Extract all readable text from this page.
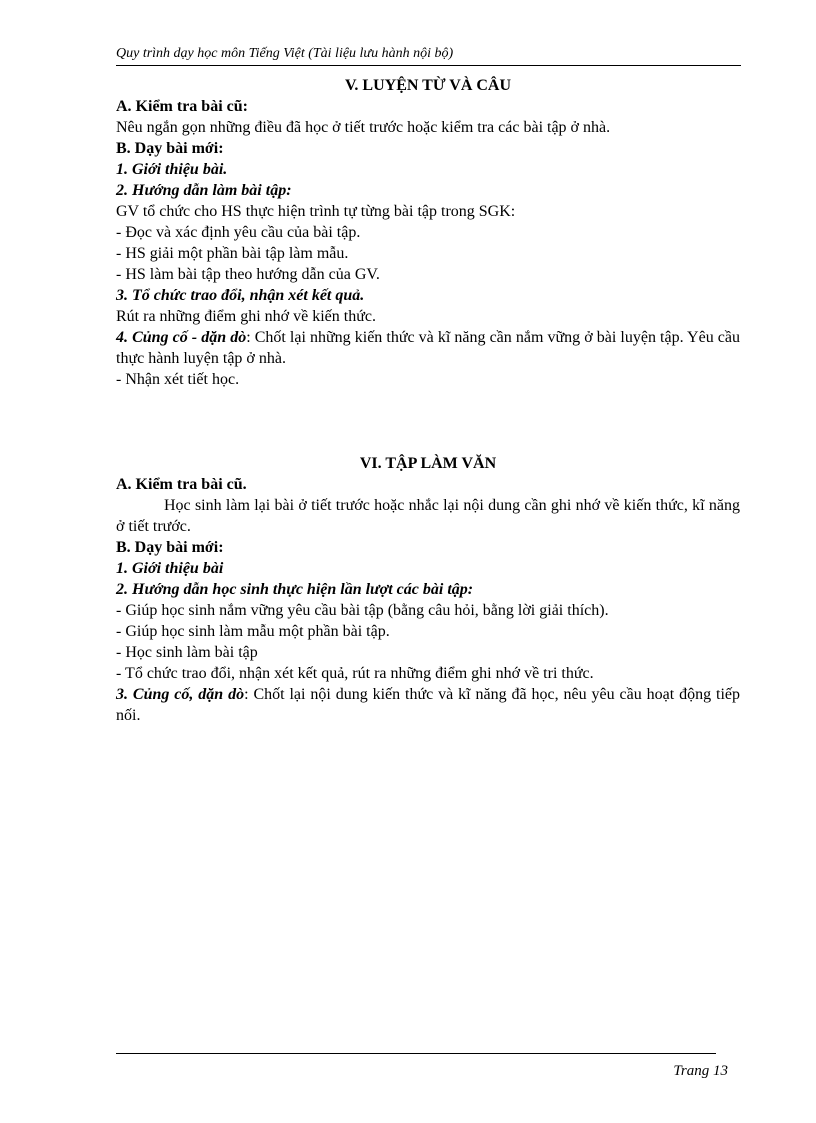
Quy trình dạy học môn Tiếng Việt (Tài liệu lưu hành nội bộ)

V. LUYỆN TỪ VÀ CÂU

A. Kiểm tra bài cũ:

Nêu ngắn gọn những điều đã học ở tiết trước hoặc kiểm tra các bài tập ở nhà.

B. Dạy bài mới:

1. Giới thiệu bài.

2. Hướng dẫn làm bài tập:

GV tổ chức cho HS thực hiện trình tự từng bài tập trong SGK:

- Đọc và xác định yêu cầu của bài tập.

- HS giải một phần bài tập làm mẫu.

- HS làm bài tập theo hướng dẫn của GV.

3. Tổ chức trao đổi, nhận xét kết quả.

Rút ra những điểm ghi nhớ về kiến thức.

4. Củng cố - dặn dò: Chốt lại những kiến thức và kĩ năng cần nắm vững ở bài luyện tập. Yêu cầu thực hành luyện tập ở nhà.

- Nhận xét tiết học.

VI. TẬP LÀM VĂN

A. Kiểm tra bài cũ.

Học sinh làm lại bài ở tiết trước hoặc nhắc lại nội dung cần ghi nhớ về kiến thức, kĩ năng ở tiết trước.

B. Dạy bài mới:

1. Giới thiệu bài

2. Hướng dẫn học sinh thực hiện lần lượt các bài tập:

- Giúp học sinh nắm vững yêu cầu bài tập (bằng câu hỏi, bằng lời giải thích).

- Giúp học sinh làm mẫu một phần bài tập.

- Học sinh làm bài tập

- Tổ chức trao đổi, nhận xét kết quả, rút ra những điểm ghi nhớ về tri thức.

3. Củng cố, dặn dò: Chốt lại nội dung kiến thức và kĩ năng đã học, nêu yêu cầu hoạt động tiếp nối.

Trang 13
